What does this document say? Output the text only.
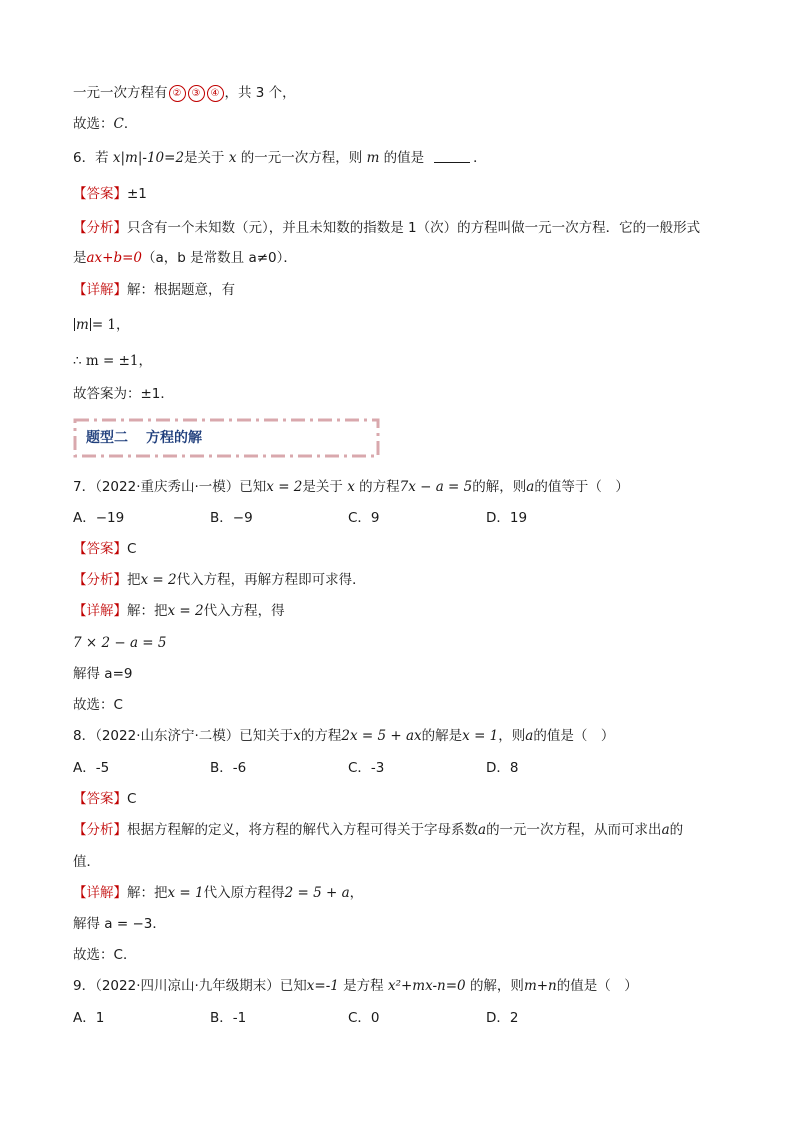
一元一次方程有 ② ③ ④ ，共 3 个，
故选：C．
6．若 x|m|-10=2是关于 x 的一元一次方程，则 m 的值是	．
【答案】±1
【分析】只含有一个未知数（元），并且未知数的指数是 1（次）的方程叫做一元一次方程．它的一般形式
是ax+b=0（a，b 是常数且 a≠0）．
【详解】解：根据题意，有
m = 1，
∴ m = ±1，
故答案为：±1．
题型二 方程的解
7．（2022·重庆秀山·一模）已知x = 2是关于 x 的方程7x − a = 5的解，则a的值等于（　）
A．−19	B．−9	C．9	D．19
【答案】C
【分析】把x = 2代入方程，再解方程即可求得．
【详解】解：把x = 2代入方程，得
7 × 2 − a = 5
解得 a=9
故选：C
8．（2022·山东济宁·二模）已知关于x的方程2x = 5 + ax的解是x = 1，则a的值是（　）
A．-5	B．-6	C．-3	D．8
【答案】C
【分析】根据方程解的定义，将方程的解代入方程可得关于字母系数a的一元一次方程，从而可求出a的
值．
【详解】解：把x = 1代入原方程得2 = 5 + a，
解得 a = −3．
故选：C．
9．（2022·四川凉山·九年级期末）已知x=-1 是方程 x²+mx-n=0 的解，则m+n的值是（　）
A．1	B．-1	C．0	D．2
